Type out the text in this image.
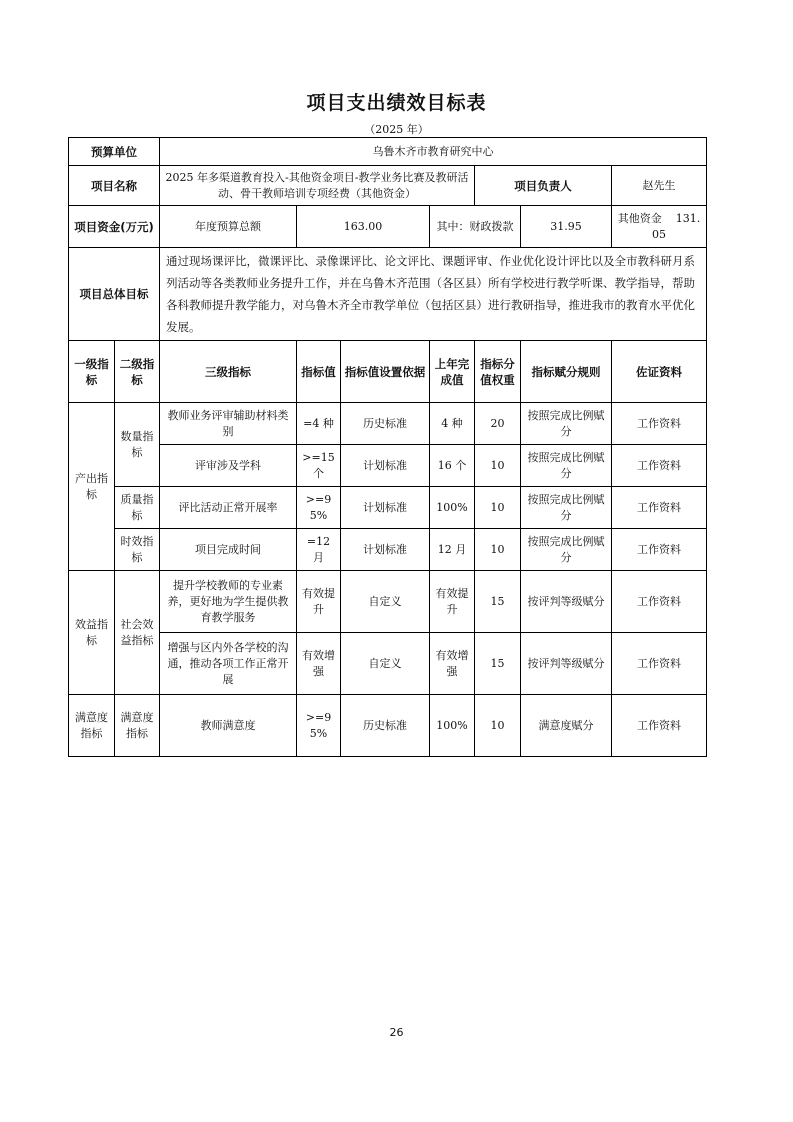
项目支出绩效目标表
（2025 年）
预算单位		乌鲁木齐市教育研究中心						
项目名称		2025 年多渠道教育投入-其他资金项目-教学业务比赛及教研活动、骨干教师培训专项经费（其他资金）				项目负责人		赵先生
项目资金(万元)		年度预算总额	163.00		其中：财政拨款		31.95	其他资金 131.05
项目总体目标		通过现场课评比，微课评比、录像课评比、论文评比、课题评审、作业优化设计评比以及全市教科研月系列活动等各类教师业务提升工作，并在乌鲁木齐范围（各区县）所有学校进行教学听课、教学指导，帮助各科教师提升教学能力，对乌鲁木齐全市教学单位（包括区县）进行教研指导，推进我市的教育水平优化发展。						
一级指标	二级指标	三级指标	指标值	指标值设置依据	上年完成值	指标分值权重	指标赋分规则	佐证资料
产出指标	数量指标	教师业务评审辅助材料类别	=4 种	历史标准	4 种	20	按照完成比例赋分	工作资料
		评审涉及学科	>=15 个	计划标准	16 个	10	按照完成比例赋分	工作资料
	质量指标	评比活动正常开展率	>=95%	计划标准	100%	10	按照完成比例赋分	工作资料
	时效指标	项目完成时间	=12 月	计划标准	12 月	10	按照完成比例赋分	工作资料
效益指标	社会效益指标	提升学校教师的专业素养，更好地为学生提供教育教学服务	有效提升	自定义	有效提升	15	按评判等级赋分	工作资料
		增强与区内外各学校的沟通，推动各项工作正常开展	有效增强	自定义	有效增强	15	按评判等级赋分	工作资料
满意度指标	满意度指标	教师满意度	>=95%	历史标准	100%	10	满意度赋分	工作资料
26
